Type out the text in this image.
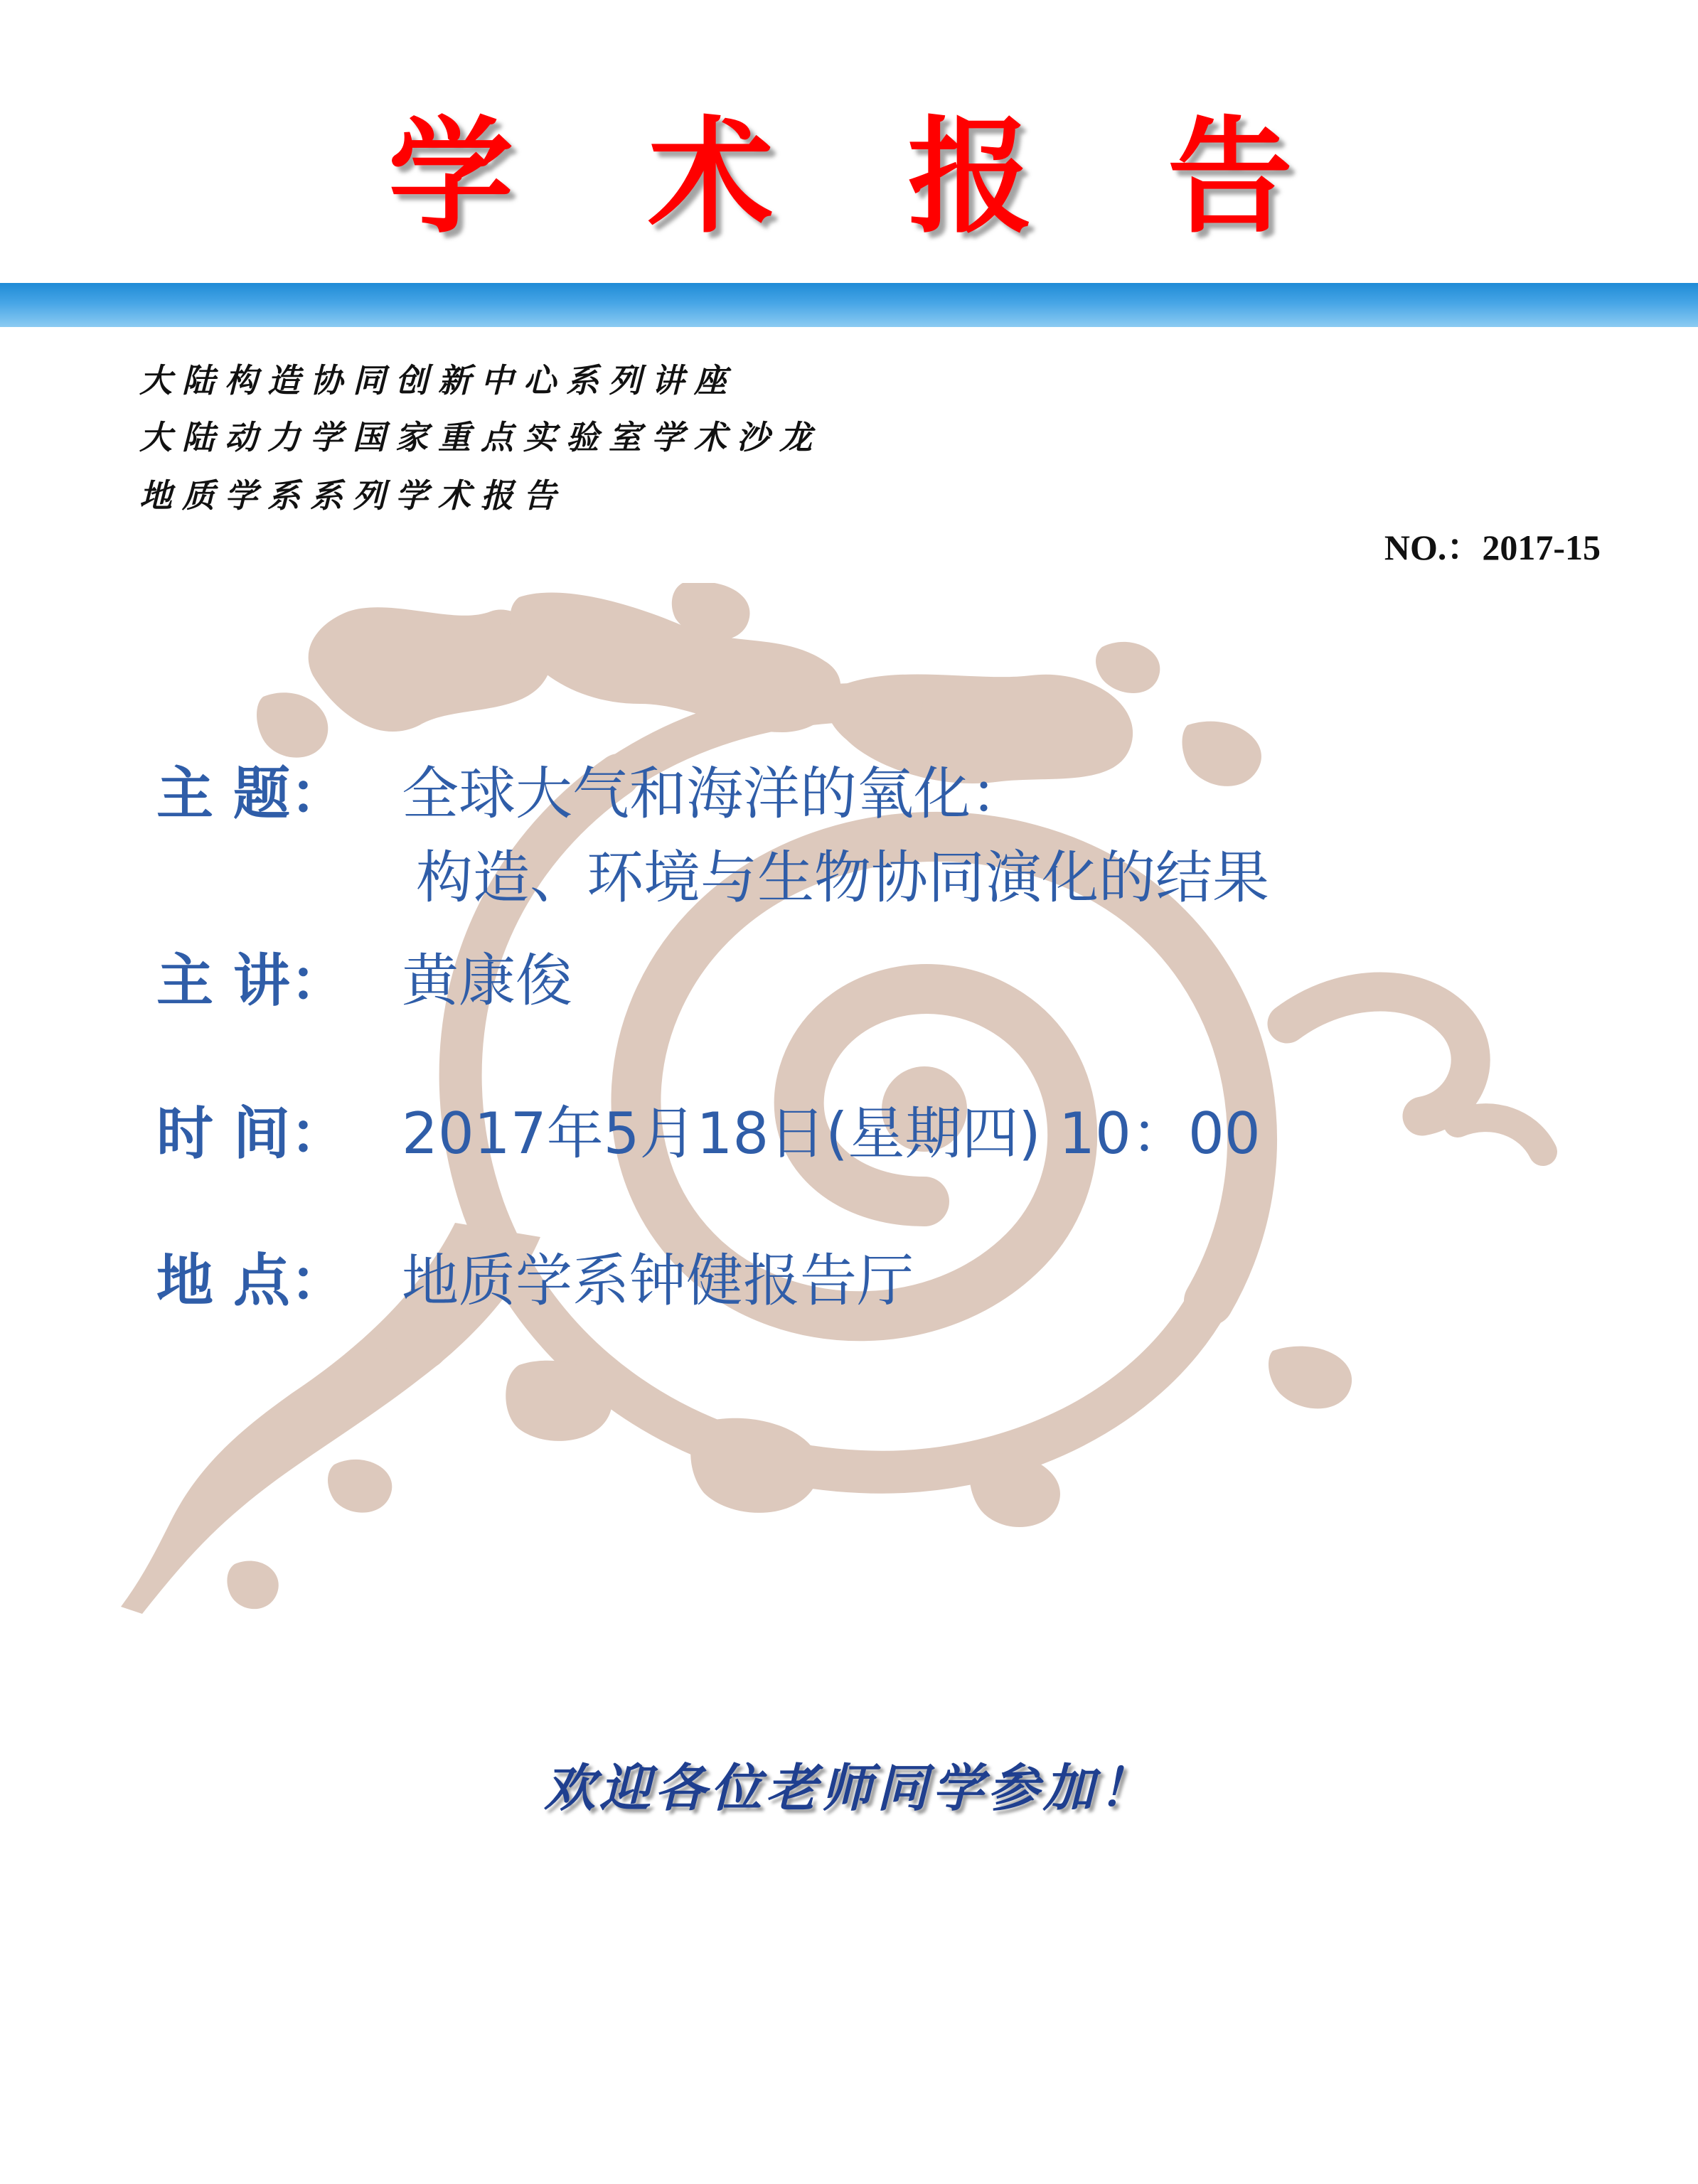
学 术 报 告
大陆构造协同创新中心系列讲座
大陆动力学国家重点实验室学术沙龙
地质学系系列学术报告
NO.：2017-15
主 题： 全球大气和海洋的氧化：
构造、环境与生物协同演化的结果
主 讲： 黄康俊
时 间： 2017年5月18日(星期四) 10：00
地 点： 地质学系钟健报告厅
欢迎各位老师同学参加！
